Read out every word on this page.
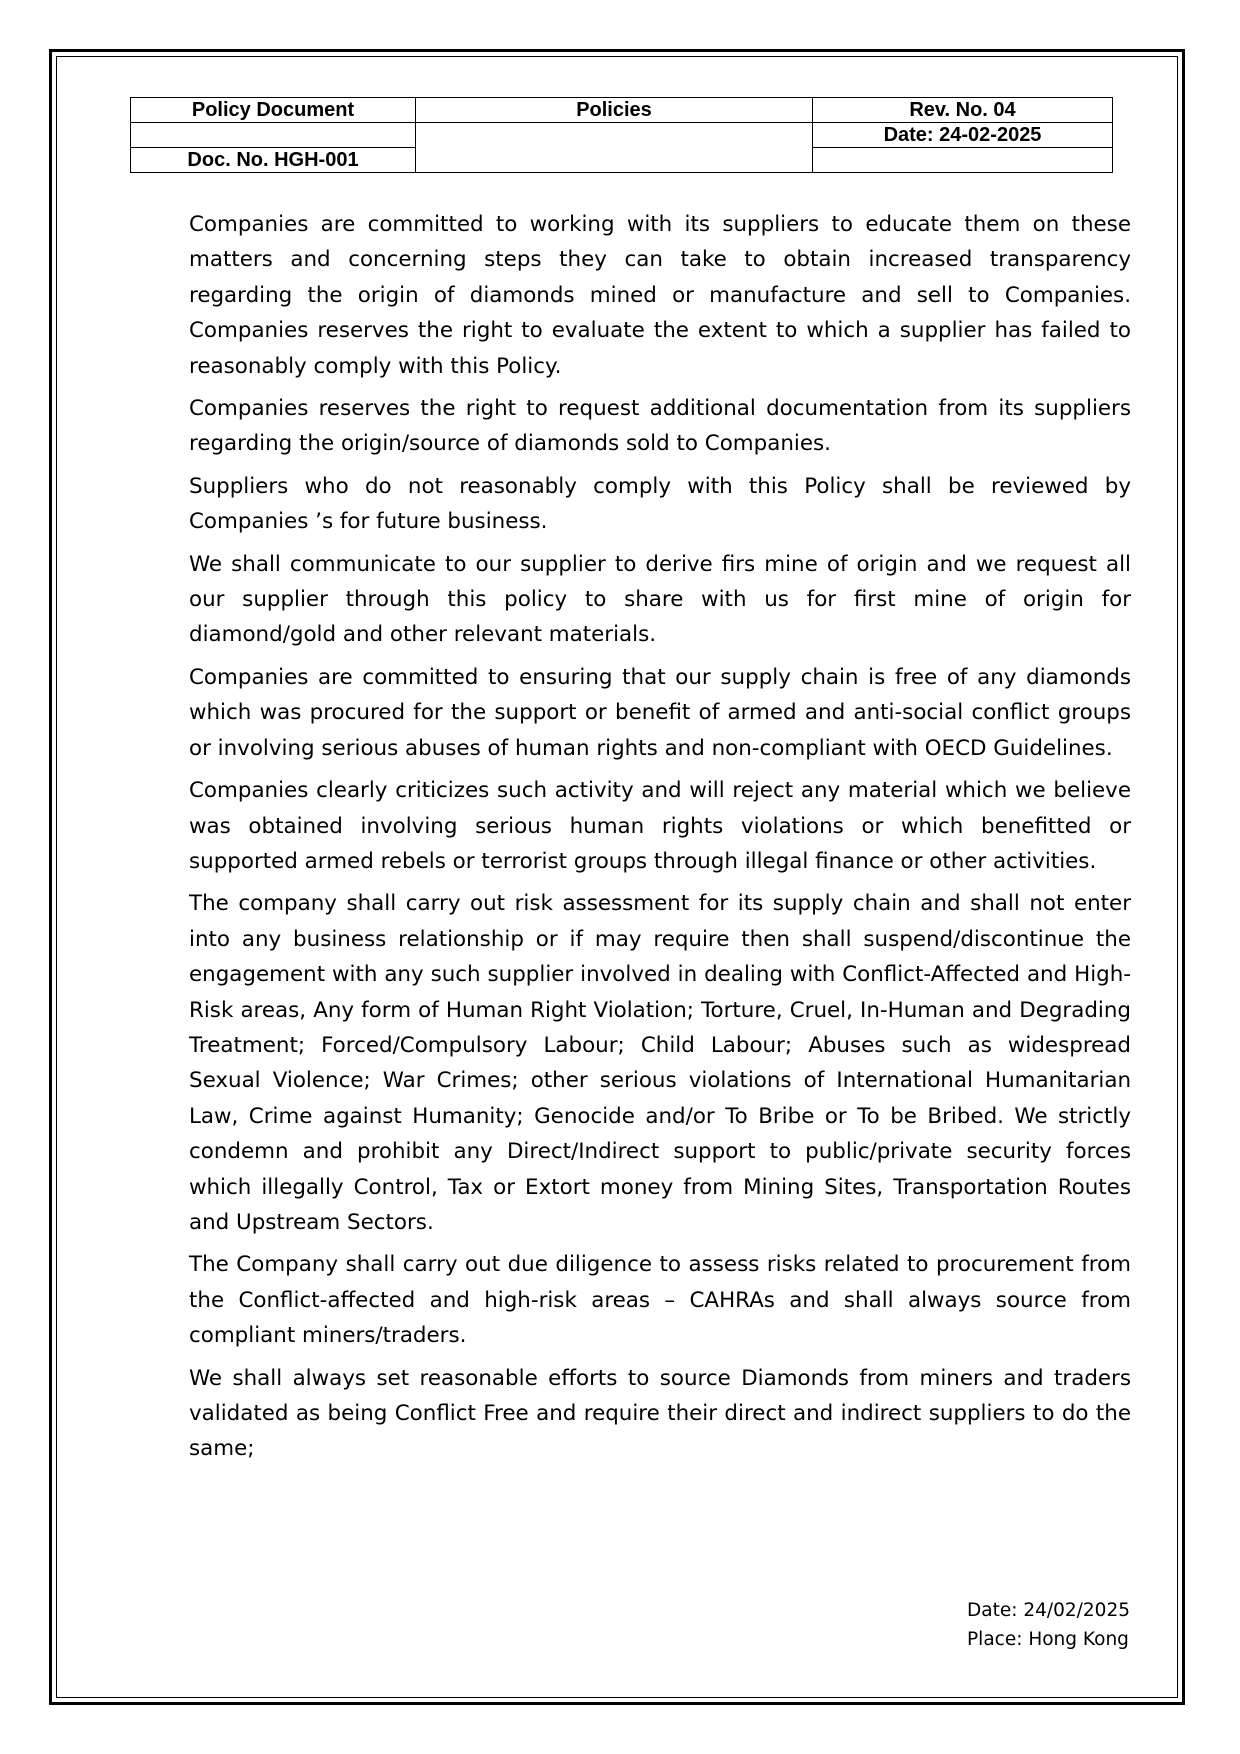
Policy Document	Policies	Rev. No. 04
		Date: 24-02-2025
Doc. No. HGH-001		

Companies are committed to working with its suppliers to educate them on these matters and concerning steps they can take to obtain increased transparency regarding the origin of diamonds mined or manufacture and sell to Companies. Companies reserves the right to evaluate the extent to which a supplier has failed to reasonably comply with this Policy.

Companies reserves the right to request additional documentation from its suppliers regarding the origin/source of diamonds sold to Companies.

Suppliers who do not reasonably comply with this Policy shall be reviewed by Companies ’s for future business.

We shall communicate to our supplier to derive firs mine of origin and we request all our supplier through this policy to share with us for first mine of origin for diamond/gold and other relevant materials.

Companies are committed to ensuring that our supply chain is free of any diamonds which was procured for the support or benefit of armed and anti-social conflict groups or involving serious abuses of human rights and non-compliant with OECD Guidelines.

Companies clearly criticizes such activity and will reject any material which we believe was obtained involving serious human rights violations or which benefitted or supported armed rebels or terrorist groups through illegal finance or other activities.

The company shall carry out risk assessment for its supply chain and shall not enter into any business relationship or if may require then shall suspend/discontinue the engagement with any such supplier involved in dealing with Conflict-Affected and High-Risk areas, Any form of Human Right Violation; Torture, Cruel, In-Human and Degrading Treatment; Forced/Compulsory Labour; Child Labour; Abuses such as widespread Sexual Violence; War Crimes; other serious violations of International Humanitarian Law, Crime against Humanity; Genocide and/or To Bribe or To be Bribed. We strictly condemn and prohibit any Direct/Indirect support to public/private security forces which illegally Control, Tax or Extort money from Mining Sites, Transportation Routes and Upstream Sectors.

The Company shall carry out due diligence to assess risks related to procurement from the Conflict-affected and high-risk areas – CAHRAs and shall always source from compliant miners/traders.

We shall always set reasonable efforts to source Diamonds from miners and traders validated as being Conflict Free and require their direct and indirect suppliers to do the same;

Date: 24/02/2025
Place: Hong Kong
